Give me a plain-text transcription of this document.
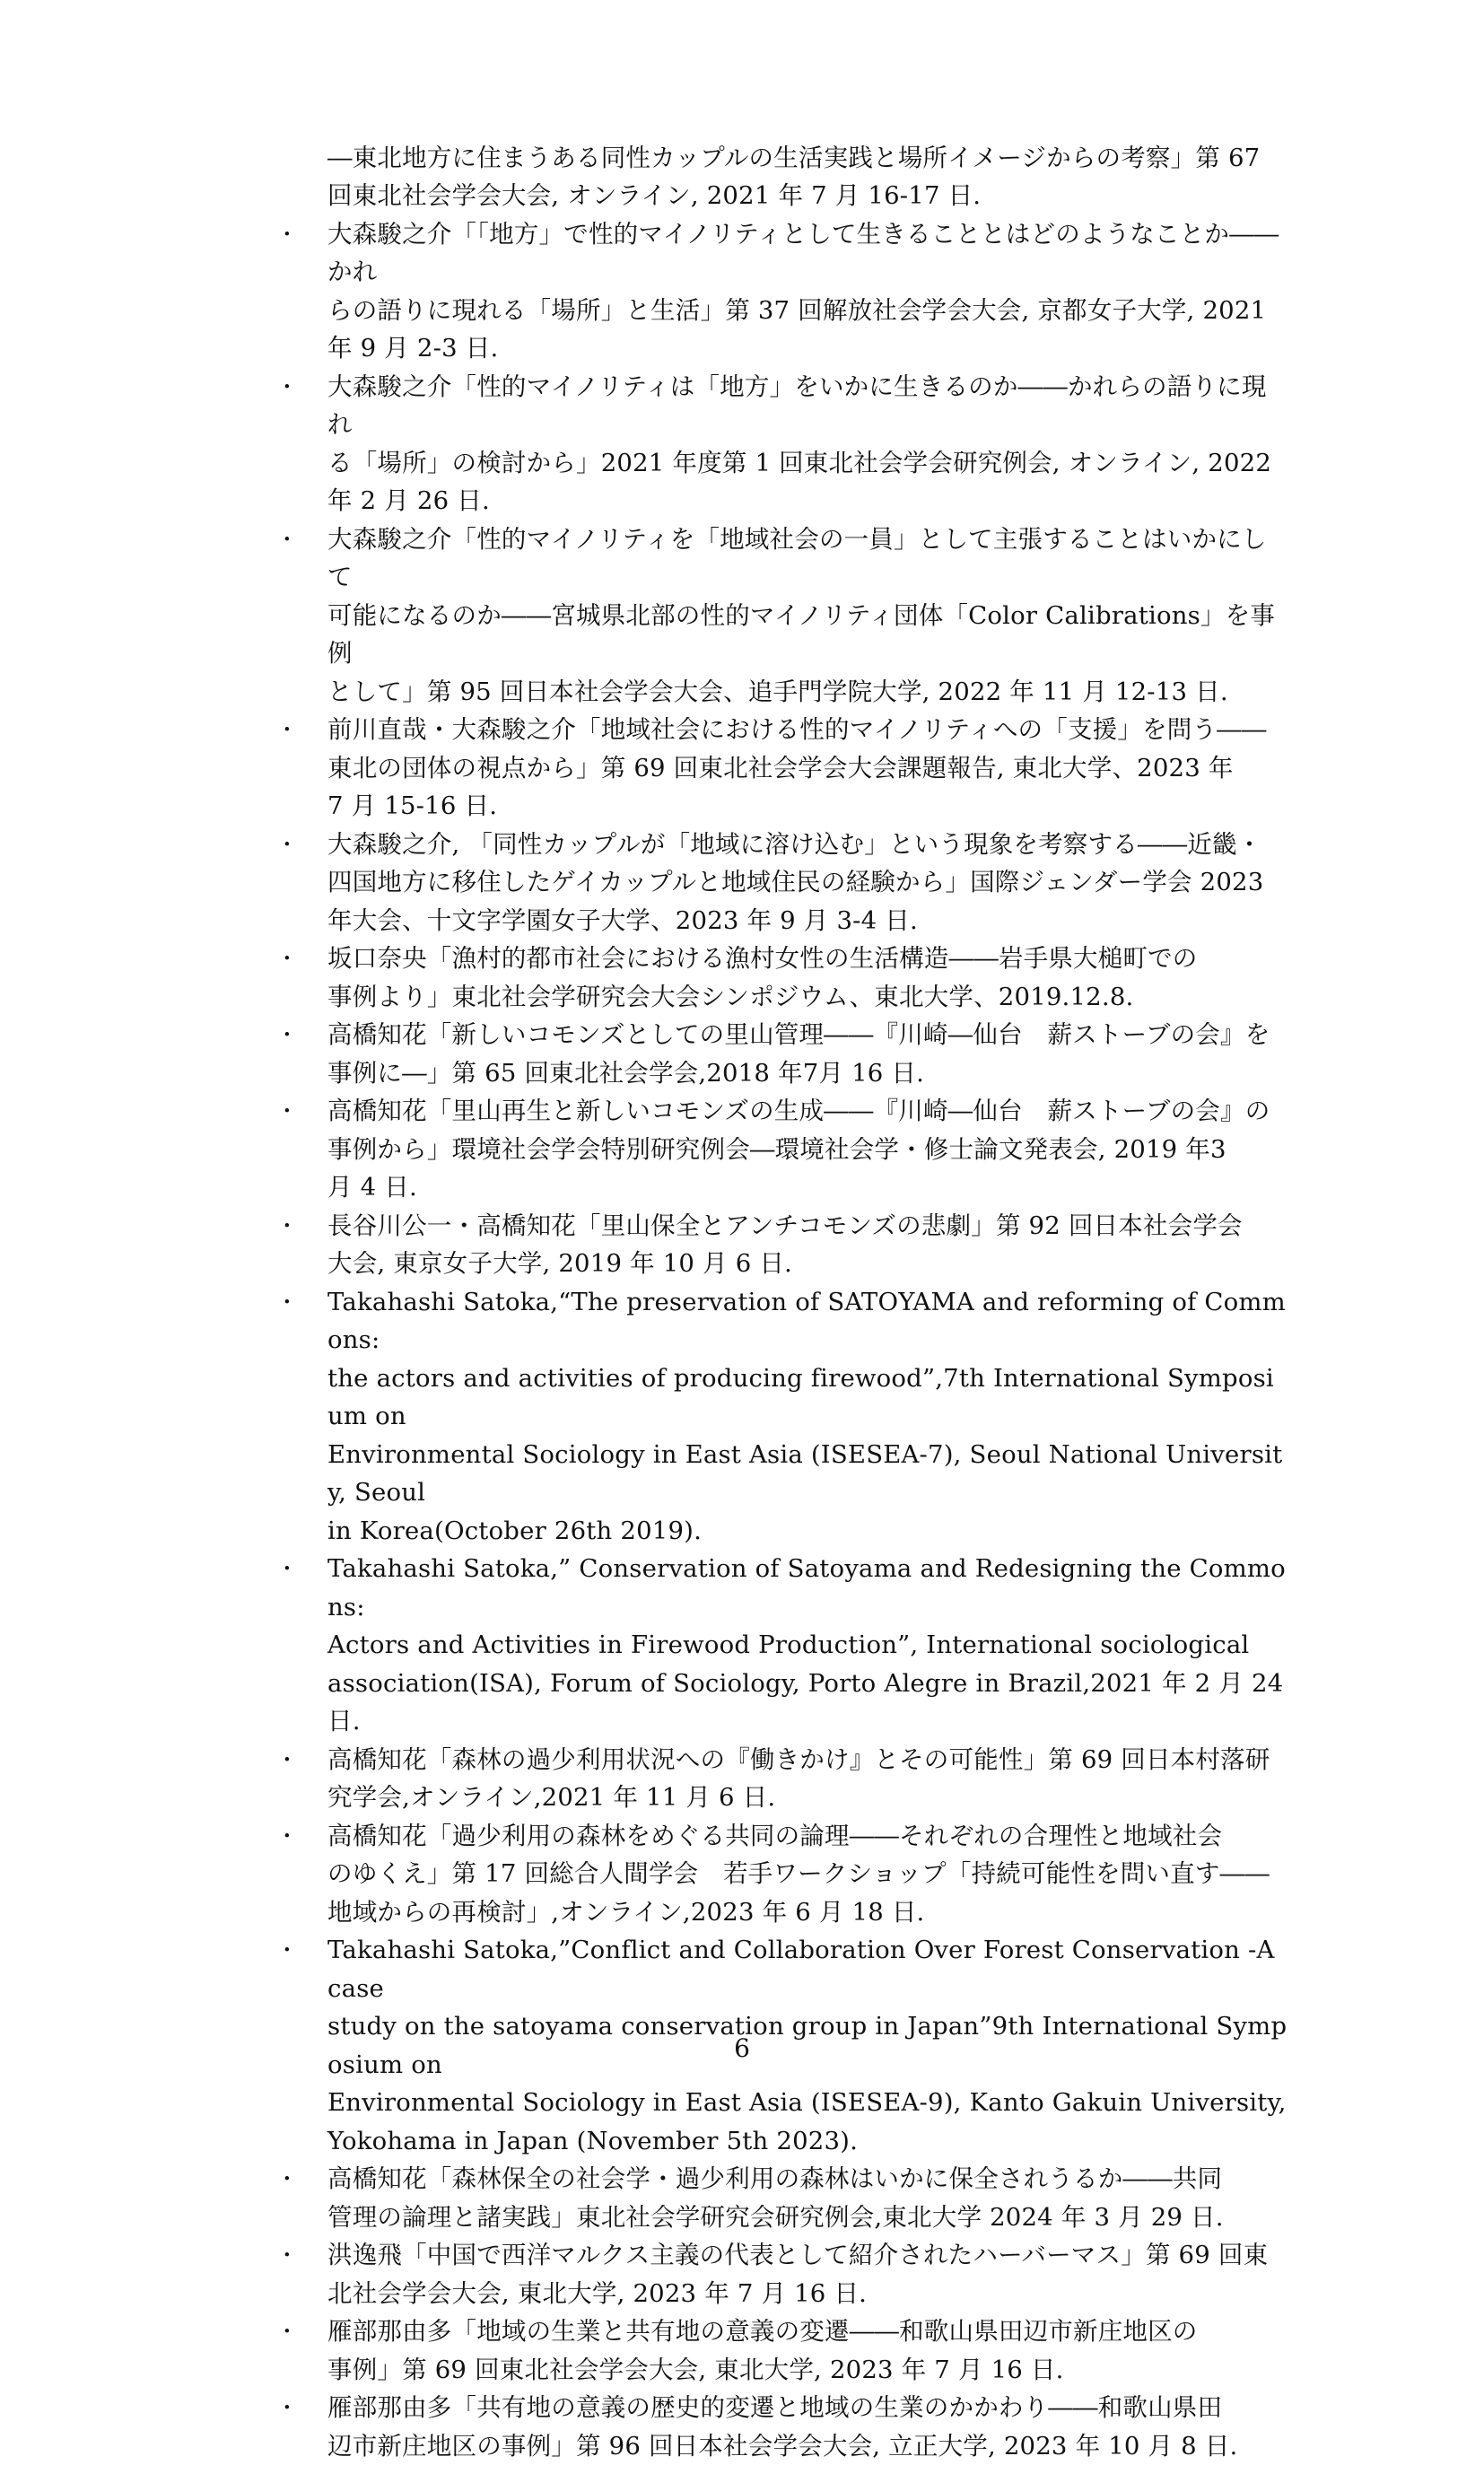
―東北地方に住まうある同性カップルの生活実践と場所イメージからの考察」第 67
回東北社会学会大会, オンライン, 2021 年 7 月 16-17 日.

・ 大森駿之介「「地方」で性的マイノリティとして生きることとはどのようなことか――かれ
らの語りに現れる「場所」と生活」第 37 回解放社会学会大会, 京都女子大学, 2021
年 9 月 2-3 日.
・ 大森駿之介「性的マイノリティは「地方」をいかに生きるのか――かれらの語りに現れ
る「場所」の検討から」2021 年度第 1 回東北社会学会研究例会, オンライン, 2022
年 2 月 26 日.
・ 大森駿之介「性的マイノリティを「地域社会の一員」として主張することはいかにして
可能になるのか――宮城県北部の性的マイノリティ団体「Color Calibrations」を事例
として」第 95 回日本社会学会大会、追手門学院大学, 2022 年 11 月 12-13 日.
・ 前川直哉・大森駿之介「地域社会における性的マイノリティへの「支援」を問う――
東北の団体の視点から」第 69 回東北社会学会大会課題報告, 東北大学、2023 年
7 月 15-16 日.
・ 大森駿之介, 「同性カップルが「地域に溶け込む」という現象を考察する――近畿・
四国地方に移住したゲイカップルと地域住民の経験から」国際ジェンダー学会 2023
年大会、十文字学園女子大学、2023 年 9 月 3-4 日.
・ 坂口奈央「漁村的都市社会における漁村女性の生活構造――岩手県大槌町での
事例より」東北社会学研究会大会シンポジウム、東北大学、2019.12.8.
・ 高橋知花「新しいコモンズとしての里山管理――『川崎―仙台　薪ストーブの会』を
事例に―」第 65 回東北社会学会,2018 年7月 16 日.
・ 高橋知花「里山再生と新しいコモンズの生成――『川崎―仙台　薪ストーブの会』の
事例から」環境社会学会特別研究例会―環境社会学・修士論文発表会, 2019 年3
月 4 日.
・ 長谷川公一・高橋知花「里山保全とアンチコモンズの悲劇」第 92 回日本社会学会
大会, 東京女子大学, 2019 年 10 月 6 日.
・ Takahashi Satoka,“The preservation of SATOYAMA and reforming of Commons:
the actors and activities of producing firewood”,7th International Symposium on
Environmental Sociology in East Asia (ISESEA-7), Seoul National University, Seoul
in Korea(October 26th 2019).
・ Takahashi Satoka,” Conservation of Satoyama and Redesigning the Commons:
Actors and Activities in Firewood Production”, International sociological
association(ISA), Forum of Sociology, Porto Alegre in Brazil,2021 年 2 月 24 日.
・ 高橋知花「森林の過少利用状況への『働きかけ』とその可能性」第 69 回日本村落研
究学会,オンライン,2021 年 11 月 6 日.
・ 高橋知花「過少利用の森林をめぐる共同の論理――それぞれの合理性と地域社会
のゆくえ」第 17 回総合人間学会　若手ワークショップ「持続可能性を問い直す――
地域からの再検討」,オンライン,2023 年 6 月 18 日.
・ Takahashi Satoka,”Conflict and Collaboration Over Forest Conservation -A case
study on the satoyama conservation group in Japan”9th International Symposium on
Environmental Sociology in East Asia (ISESEA-9), Kanto Gakuin University,
Yokohama in Japan (November 5th 2023).
・ 高橋知花「森林保全の社会学・過少利用の森林はいかに保全されうるか――共同
管理の論理と諸実践」東北社会学研究会研究例会,東北大学 2024 年 3 月 29 日.
・ 洪逸飛「中国で西洋マルクス主義の代表として紹介されたハーバーマス」第 69 回東
北社会学会大会, 東北大学, 2023 年 7 月 16 日.
・ 雁部那由多「地域の生業と共有地の意義の変遷――和歌山県田辺市新庄地区の
事例」第 69 回東北社会学会大会, 東北大学, 2023 年 7 月 16 日.
・ 雁部那由多「共有地の意義の歴史的変遷と地域の生業のかかわり――和歌山県田
辺市新庄地区の事例」第 96 回日本社会学会大会, 立正大学, 2023 年 10 月 8 日.
6
